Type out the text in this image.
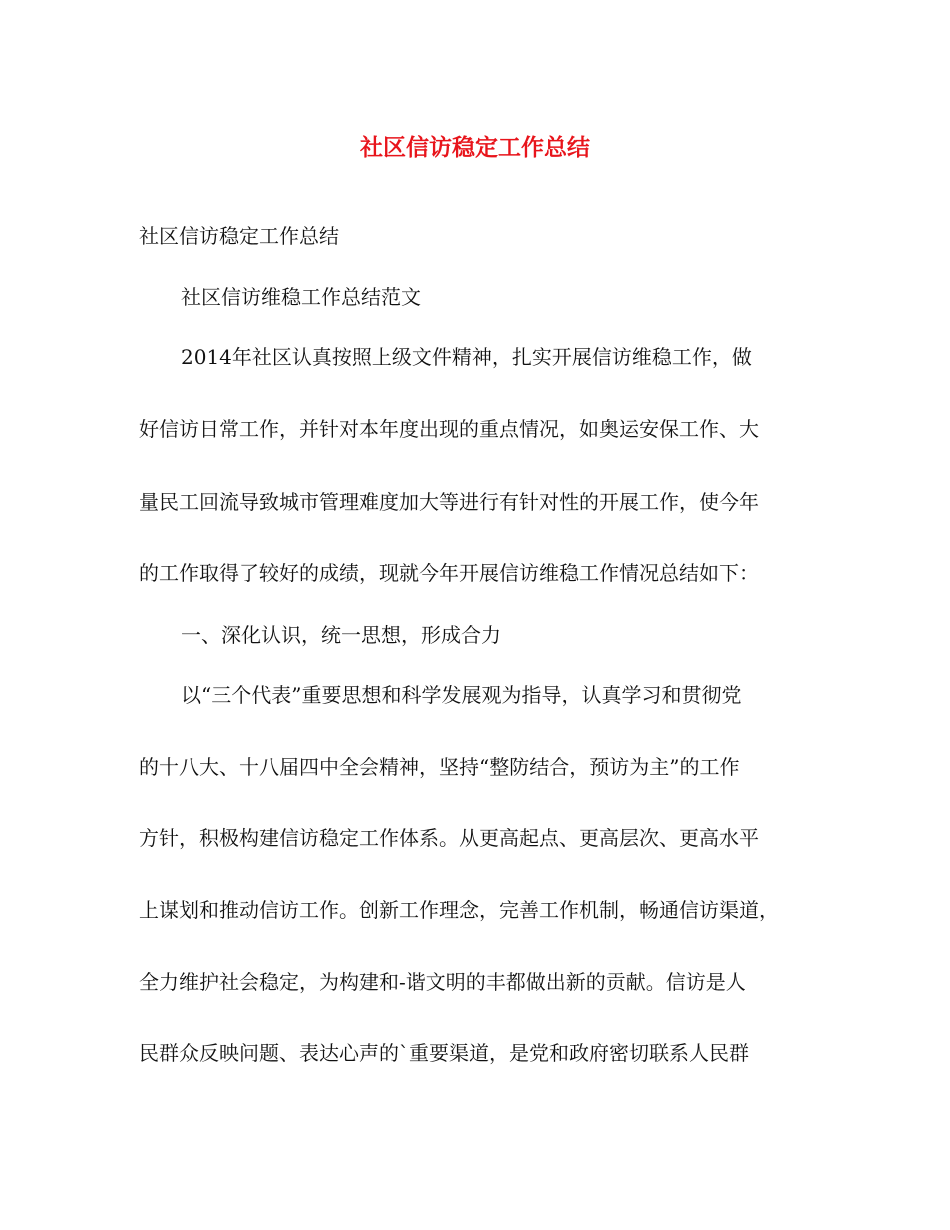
社区信访稳定工作总结

社区信访稳定工作总结

社区信访维稳工作总结范文

2014年社区认真按照上级文件精神，扎实开展信访维稳工作，做

好信访日常工作，并针对本年度出现的重点情况，如奥运安保工作、大

量民工回流导致城市管理难度加大等进行有针对性的开展工作，使今年

的工作取得了较好的成绩，现就今年开展信访维稳工作情况总结如下：

一、深化认识，统一思想，形成合力

以“三个代表”重要思想和科学发展观为指导，认真学习和贯彻党

的十八大、十八届四中全会精神，坚持“整防结合，预访为主”的工作

方针，积极构建信访稳定工作体系。从更高起点、更高层次、更高水平

上谋划和推动信访工作。创新工作理念，完善工作机制，畅通信访渠道，

全力维护社会稳定，为构建和-谐文明的丰都做出新的贡献。信访是人

民群众反映问题、表达心声的`重要渠道，是党和政府密切联系人民群
